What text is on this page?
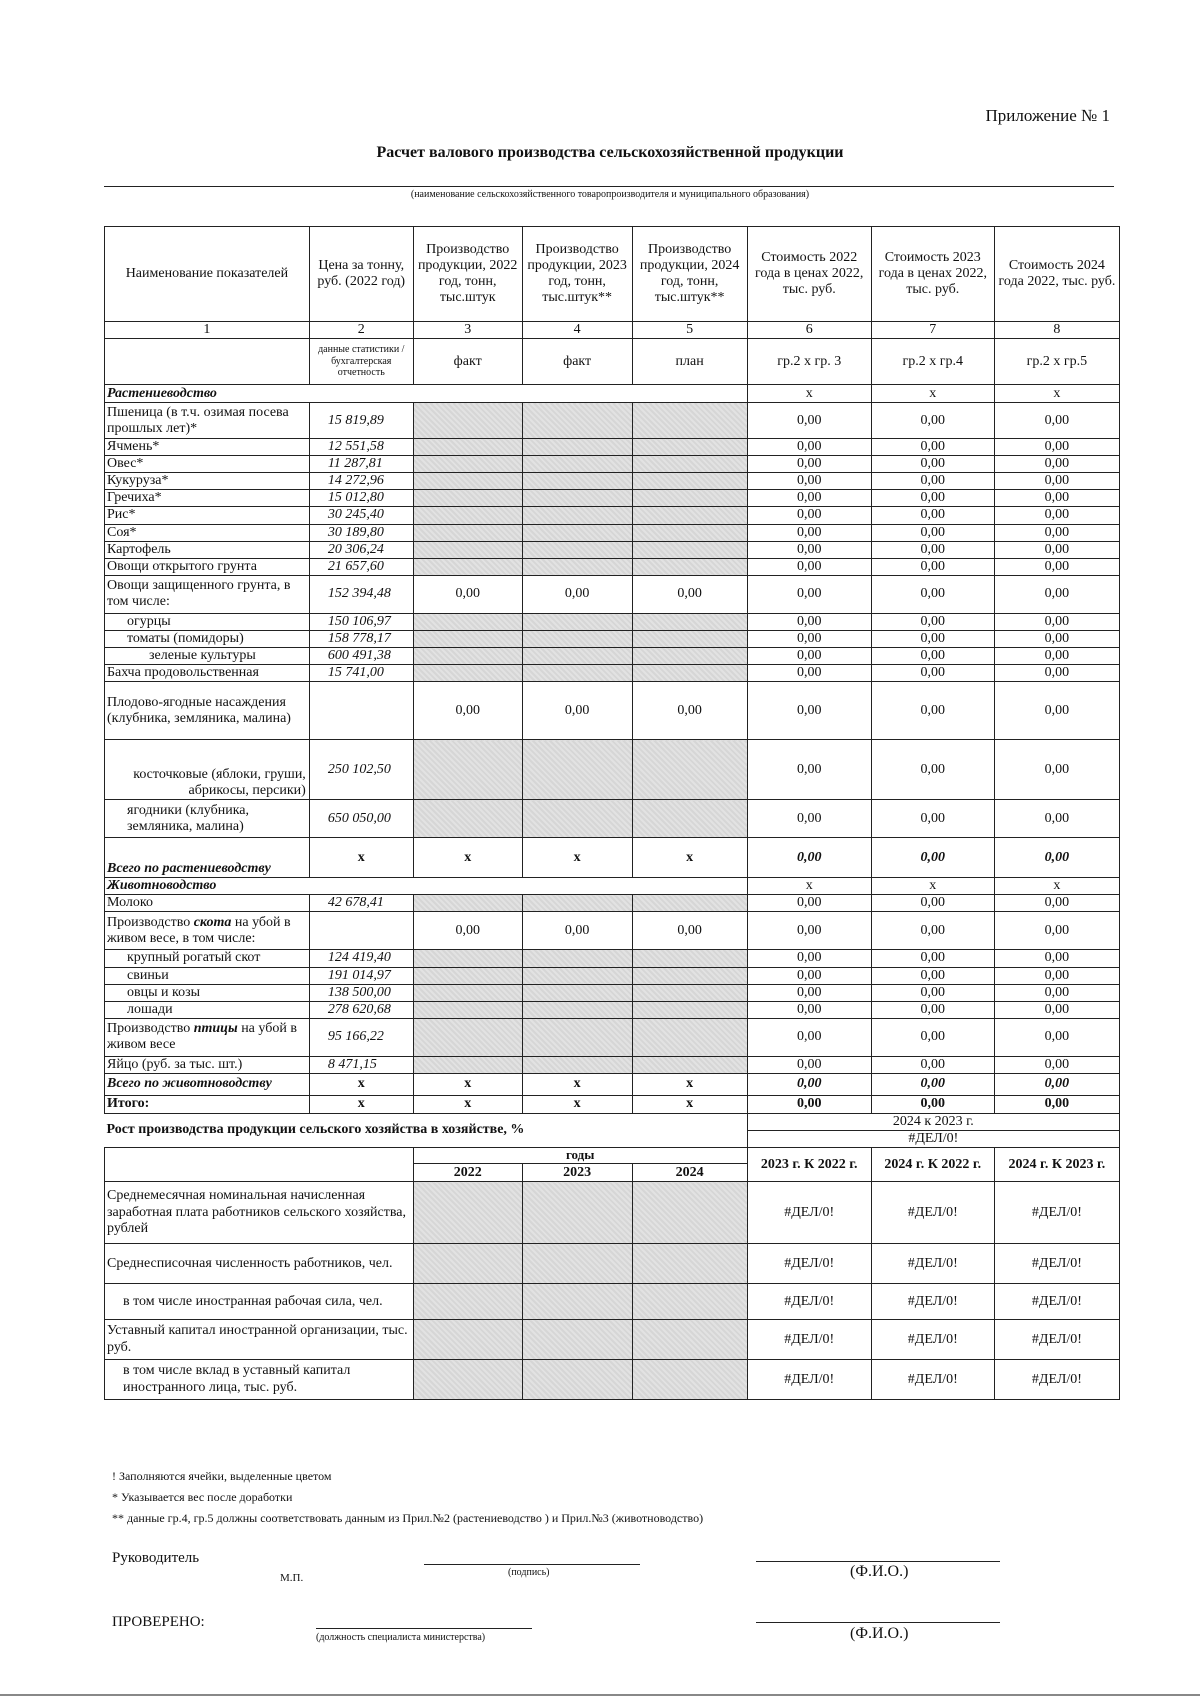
Приложение № 1
Расчет валового производства сельскохозяйственной продукции
(наименование сельскохозяйственного товаропроизводителя и муниципального образования)
Наименование показателей	Цена за тонну, руб. (2022 год)	Производство продукции, 2022 год, тонн, тыс.штук	Производство продукции, 2023 год, тонн, тыс.штук**	Производство продукции, 2024 год, тонн, тыс.штук**	Стоимость 2022 года в ценах 2022, тыс. руб.	Стоимость 2023 года в ценах 2022, тыс. руб.	Стоимость 2024 года 2022, тыс. руб.
1	2	3	4	5	6	7	8
	данные статистики /бухгалтерская отчетность	факт	факт	план	гр.2 х гр. 3	гр.2 х гр.4	гр.2 х гр.5
Растениеводство					х	х	х
Пшеница (в т.ч. озимая посева прошлых лет)*	15 819,89				0,00	0,00	0,00
Ячмень*	12 551,58				0,00	0,00	0,00
Овес*	11 287,81				0,00	0,00	0,00
Кукуруза*	14 272,96				0,00	0,00	0,00
Гречиха*	15 012,80				0,00	0,00	0,00
Рис*	30 245,40				0,00	0,00	0,00
Соя*	30 189,80				0,00	0,00	0,00
Картофель	20 306,24				0,00	0,00	0,00
Овощи открытого грунта	21 657,60				0,00	0,00	0,00
Овощи защищенного грунта, в том числе:	152 394,48	0,00	0,00	0,00	0,00	0,00	0,00
огурцы	150 106,97				0,00	0,00	0,00
томаты (помидоры)	158 778,17				0,00	0,00	0,00
зеленые культуры	600 491,38				0,00	0,00	0,00
Бахча продовольственная	15 741,00				0,00	0,00	0,00
Плодово-ягодные насаждения (клубника, земляника, малина)		0,00	0,00	0,00	0,00	0,00	0,00
косточковые (яблоки, груши, абрикосы, персики)	250 102,50				0,00	0,00	0,00
ягодники (клубника, земляника, малина)	650 050,00				0,00	0,00	0,00
Всего по растениеводству	х	х	х	х	0,00	0,00	0,00
Животноводство					х	х	х
Молоко	42 678,41				0,00	0,00	0,00
Производство скота на убой в живом весе, в том числе:		0,00	0,00	0,00	0,00	0,00	0,00
крупный рогатый скот	124 419,40				0,00	0,00	0,00
свиньи	191 014,97				0,00	0,00	0,00
овцы и козы	138 500,00				0,00	0,00	0,00
лошади	278 620,68				0,00	0,00	0,00
Производство птицы на убой в живом весе	95 166,22				0,00	0,00	0,00
Яйцо (руб. за тыс. шт.)	8 471,15				0,00	0,00	0,00
Всего по животноводству	х	х	х	х	0,00	0,00	0,00
Итого:	х	х	х	х	0,00	0,00	0,00
Рост производства продукции сельского хозяйства в хозяйстве, %					2024 к 2023 г.		
					#ДЕЛ/0!		
		годы			2023 г. К 2022 г.	2024 г. К 2022 г.	2024 г. К 2023 г.
		2022	2023	2024			
Среднемесячная номинальная начисленная заработная плата работников сельского хозяйства, рублей					#ДЕЛ/0!	#ДЕЛ/0!	#ДЕЛ/0!
Среднесписочная численность работников, чел.					#ДЕЛ/0!	#ДЕЛ/0!	#ДЕЛ/0!
в том числе иностранная рабочая сила, чел.					#ДЕЛ/0!	#ДЕЛ/0!	#ДЕЛ/0!
Уставный капитал иностранной организации, тыс. руб.					#ДЕЛ/0!	#ДЕЛ/0!	#ДЕЛ/0!
в том числе вклад в уставный капитал иностранного лица, тыс. руб.					#ДЕЛ/0!	#ДЕЛ/0!	#ДЕЛ/0!
! Заполняются ячейки, выделенные цветом
* Указывается вес после доработки
** данные гр.4, гр.5 должны соответствовать данным из Прил.№2 (растениеводство ) и Прил.№3 (животноводство)
Руководитель
М.П.	(подпись)	(Ф.И.О.)
ПРОВЕРЕНО:
(должность специалиста министерства)	(Ф.И.О.)
